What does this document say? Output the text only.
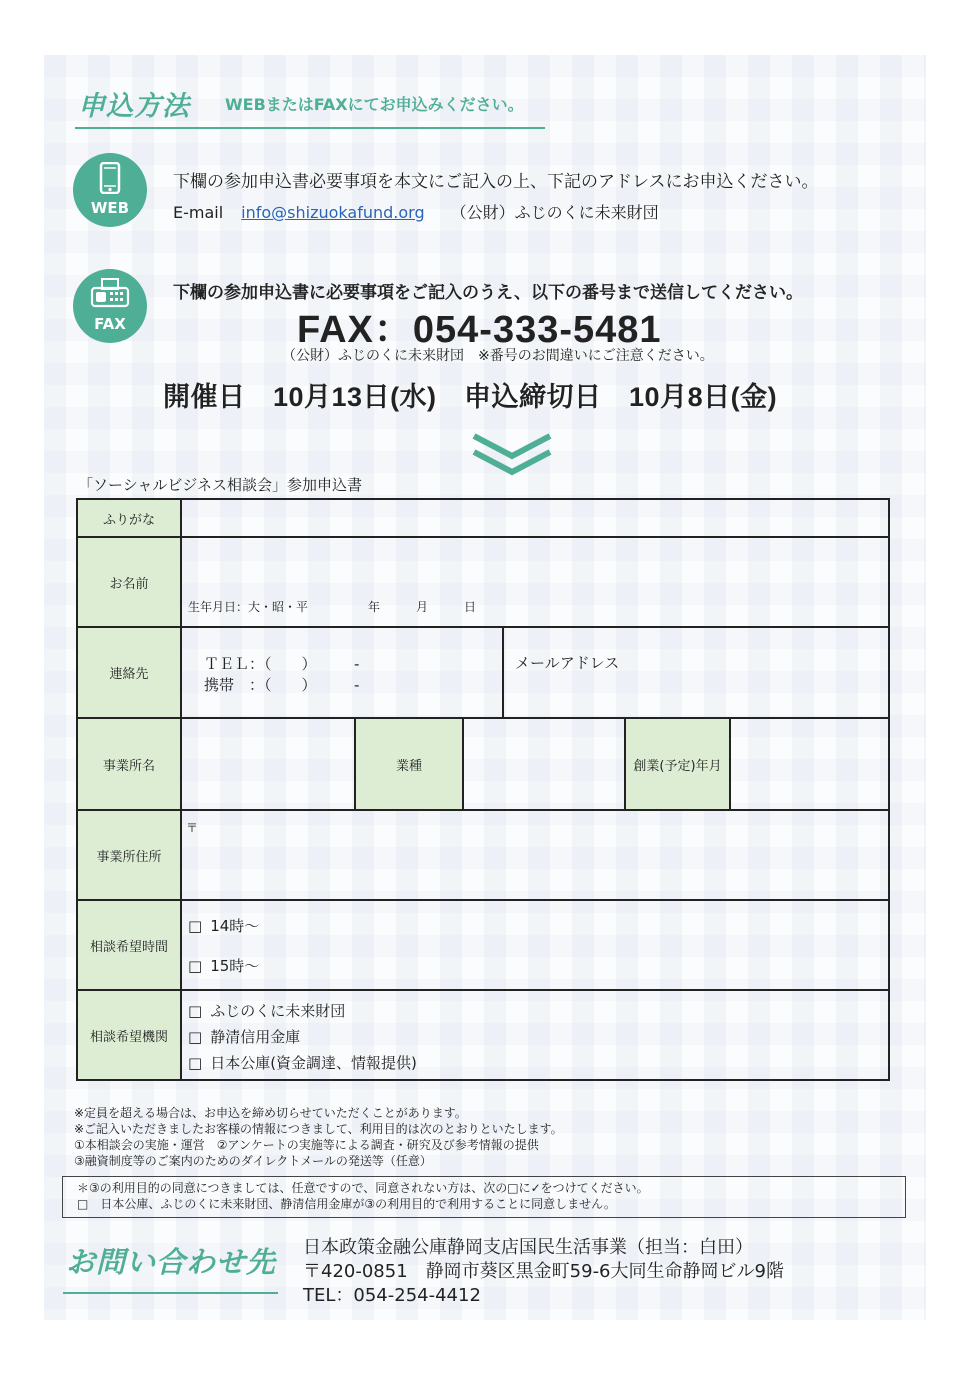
申込方法 WEBまたはFAXにてお申込みください。
WEB
下欄の参加申込書必要事項を本文にご記入の上、下記のアドレスにお申込ください。
E-mail info@shizuokafund.org （公財）ふじのくに未来財団
FAX
下欄の参加申込書に必要事項をご記入のうえ、以下の番号まで送信してください。
FAX：054-333-5481
（公財）ふじのくに未来財団　※番号のお間違いにご注意ください。
開催日　10月13日(水)　申込締切日　10月8日(金)
「ソーシャルビジネス相談会」参加申込書
ふりがな						
お名前	生年月日：大・昭・平　　　　　年　　　月　　　日					

連絡先	ＴＥＬ：（　　）　　　-
携帯　：（　　）　　　-			メールアドレス		

事業所名		業種			創業(予定)年月	
事業所住所	〒					

相談希望時間	□ 14時～
□ 15時～					

相談希望機関	□ ふじのくに未来財団
□ 静清信用金庫
□ 日本公庫(資金調達、情報提供)					
※定員を超える場合は、お申込を締め切らせていただくことがあります。
※ご記入いただきましたお客様の情報につきまして、利用目的は次のとおりといたします。
①本相談会の実施・運営　②アンケートの実施等による調査・研究及び参考情報の提供
③融資制度等のご案内のためのダイレクトメールの発送等（任意）
＊③の利用目的の同意につきましては、任意ですので、同意されない方は、次の□に✓をつけてください。
□　日本公庫、ふじのくに未来財団、静清信用金庫が③の利用目的で利用することに同意しません。
お問い合わせ先 日本政策金融公庫静岡支店国民生活事業（担当：白田）
〒420-0851　静岡市葵区黒金町59-6大同生命静岡ビル9階
TEL：054-254-4412
